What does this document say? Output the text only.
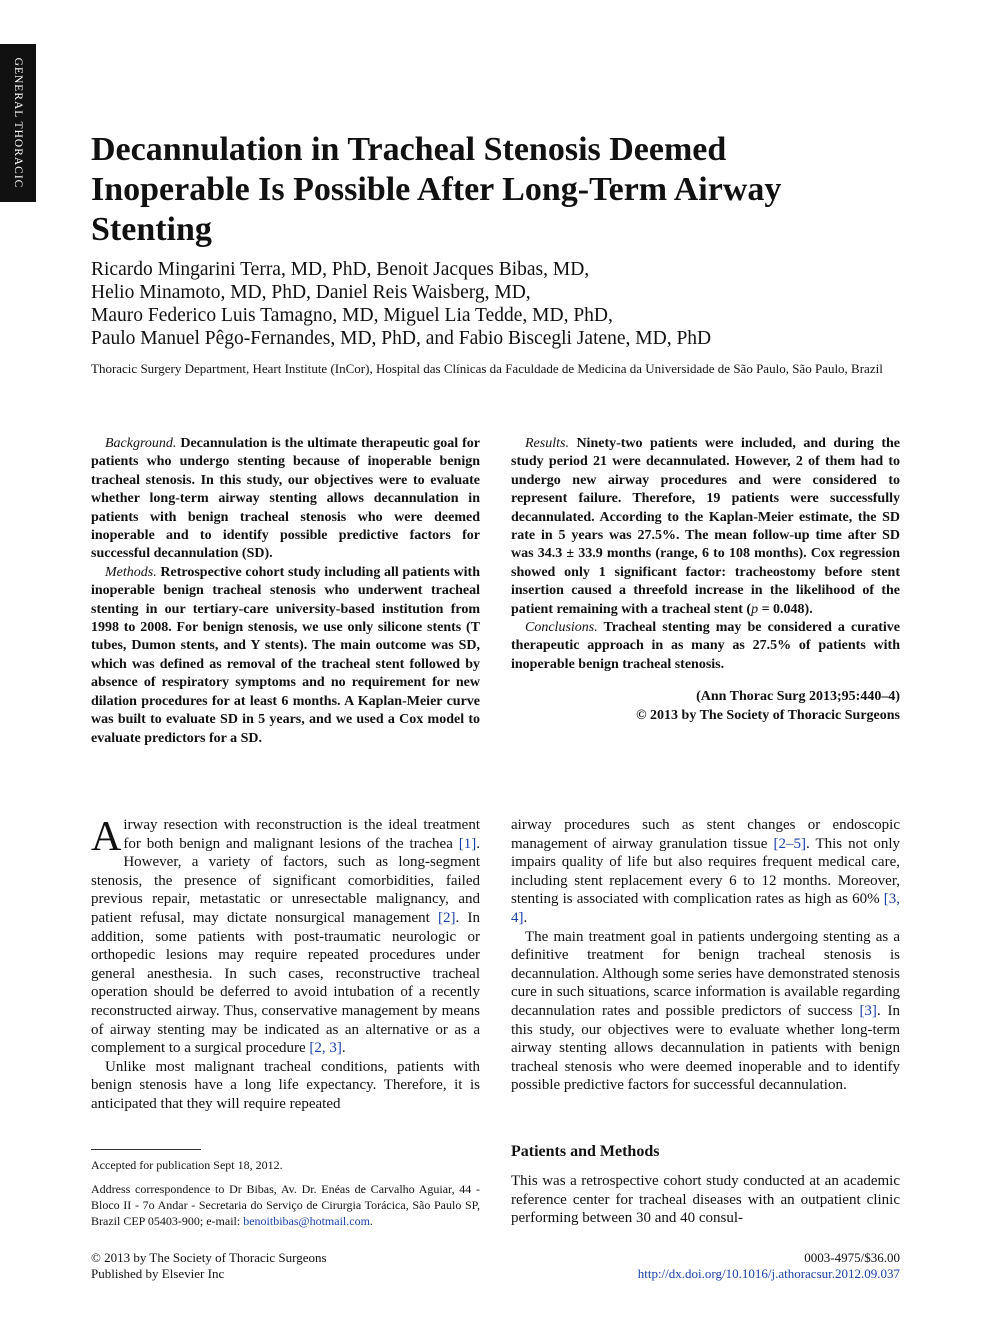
GENERAL THORACIC Decannulation in Tracheal Stenosis Deemed Inoperable Is Possible After Long-Term Airway Stenting
Ricardo Mingarini Terra, MD, PhD, Benoit Jacques Bibas, MD,
Helio Minamoto, MD, PhD, Daniel Reis Waisberg, MD,
Mauro Federico Luis Tamagno, MD, Miguel Lia Tedde, MD, PhD,
Paulo Manuel Pêgo-Fernandes, MD, PhD, and Fabio Biscegli Jatene, MD, PhD
Thoracic Surgery Department, Heart Institute (InCor), Hospital das Clínicas da Faculdade de Medicina da Universidade de São Paulo, São Paulo, Brazil

Background. Decannulation is the ultimate therapeutic goal for patients who undergo stenting because of inoperable benign tracheal stenosis. In this study, our objectives were to evaluate whether long-term airway stenting allows decannulation in patients with benign tracheal stenosis who were deemed inoperable and to identify possible predictive factors for successful decannulation (SD).

Methods. Retrospective cohort study including all patients with inoperable benign tracheal stenosis who underwent tracheal stenting in our tertiary-care university-based institution from 1998 to 2008. For benign stenosis, we use only silicone stents (T tubes, Dumon stents, and Y stents). The main outcome was SD, which was defined as removal of the tracheal stent followed by absence of respiratory symptoms and no requirement for new dilation procedures for at least 6 months. A Kaplan-Meier curve was built to evaluate SD in 5 years, and we used a Cox model to evaluate predictors for a SD.

Results. Ninety-two patients were included, and during the study period 21 were decannulated. However, 2 of them had to undergo new airway procedures and were considered to represent failure. Therefore, 19 patients were successfully decannulated. According to the Kaplan-Meier estimate, the SD rate in 5 years was 27.5%. The mean follow-up time after SD was 34.3 ± 33.9 months (range, 6 to 108 months). Cox regression showed only 1 significant factor: tracheostomy before stent insertion caused a threefold increase in the likelihood of the patient remaining with a tracheal stent (p = 0.048).

Conclusions. Tracheal stenting may be considered a curative therapeutic approach in as many as 27.5% of patients with inoperable benign tracheal stenosis.

(Ann Thorac Surg 2013;95:440–4)

© 2013 by The Society of Thoracic Surgeons

Airway resection with reconstruction is the ideal treatment for both benign and malignant lesions of the trachea [1]. However, a variety of factors, such as long-segment stenosis, the presence of significant comorbidities, failed previous repair, metastatic or unresectable malignancy, and patient refusal, may dictate nonsurgical management [2]. In addition, some patients with post-traumatic neurologic or orthopedic lesions may require repeated procedures under general anesthesia. In such cases, reconstructive tracheal operation should be deferred to avoid intubation of a recently reconstructed airway. Thus, conservative management by means of airway stenting may be indicated as an alternative or as a complement to a surgical procedure [2, 3].

Unlike most malignant tracheal conditions, patients with benign stenosis have a long life expectancy. Therefore, it is anticipated that they will require repeated

Accepted for publication Sept 18, 2012.

Address correspondence to Dr Bibas, Av. Dr. Enéas de Carvalho Aguiar, 44 - Bloco II - 7o Andar - Secretaria do Serviço de Cirurgia Torácica, São Paulo SP, Brazil CEP 05403-900; e-mail: benoitbibas@hotmail.com.

airway procedures such as stent changes or endoscopic management of airway granulation tissue [2–5]. This not only impairs quality of life but also requires frequent medical care, including stent replacement every 6 to 12 months. Moreover, stenting is associated with complication rates as high as 60% [3, 4].

The main treatment goal in patients undergoing stenting as a definitive treatment for benign tracheal stenosis is decannulation. Although some series have demonstrated stenosis cure in such situations, scarce information is available regarding decannulation rates and possible predictors of success [3]. In this study, our objectives were to evaluate whether long-term airway stenting allows decannulation in patients with benign tracheal stenosis who were deemed inoperable and to identify possible predictive factors for successful decannulation.

Patients and Methods

This was a retrospective cohort study conducted at an academic reference center for tracheal diseases with an outpatient clinic performing between 30 and 40 consul-

© 2013 by The Society of Thoracic Surgeons
Published by Elsevier Inc
0003-4975/$36.00
http://dx.doi.org/10.1016/j.athoracsur.2012.09.037
